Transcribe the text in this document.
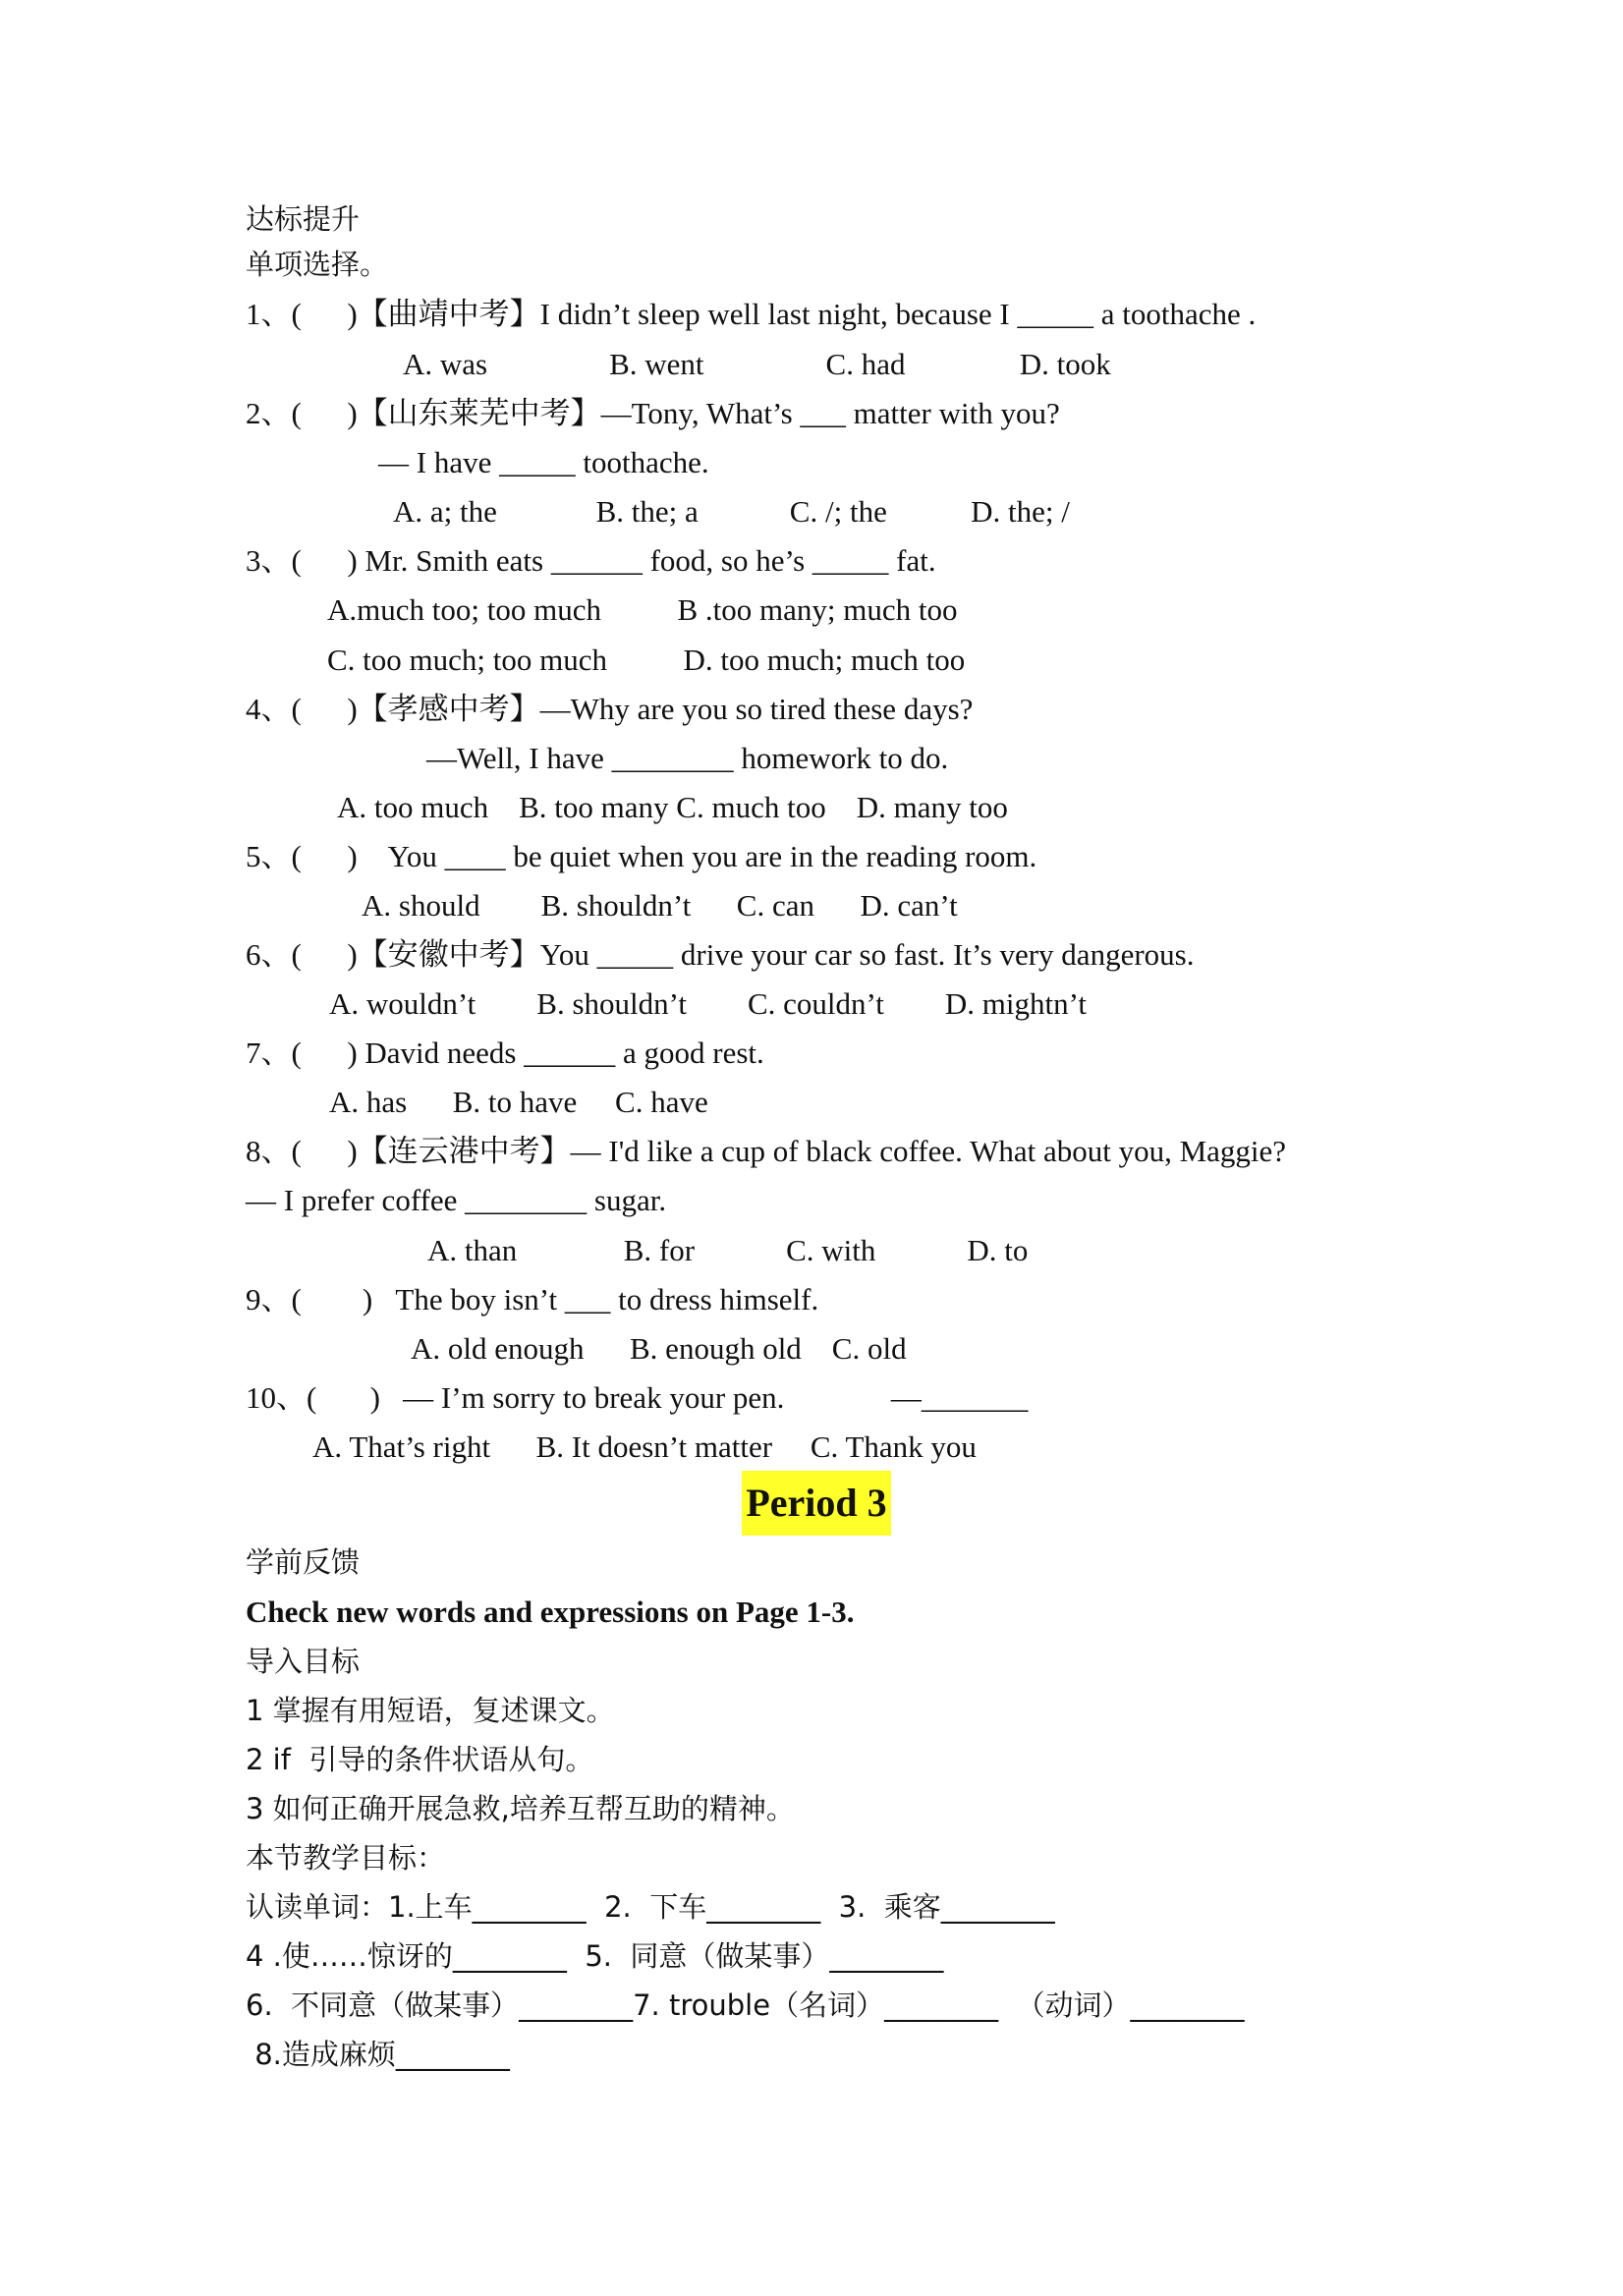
达标提升
单项选择。
1、(      )【曲靖中考】I didn’t sleep well last night, because I _____ a toothache .
A. was                B. went                C. had               D. took
2、(      )【山东莱芜中考】—Tony, What’s ___ matter with you?
— I have _____ toothache.
A. a; the             B. the; a            C. /; the           D. the; /
3、(      ) Mr. Smith eats ______ food, so he’s _____ fat.
A.much too; too much          B .too many; much too
C. too much; too much          D. too much; much too
4、(      )【孝感中考】—Why are you so tired these days?
—Well, I have ________ homework to do.
A. too much    B. too many C. much too    D. many too
5、(      )    You ____ be quiet when you are in the reading room.
A. should        B. shouldn’t      C. can      D. can’t
6、(      )【安徽中考】You _____ drive your car so fast. It’s very dangerous.
A. wouldn’t        B. shouldn’t        C. couldn’t        D. mightn’t
7、(      ) David needs ______ a good rest.
A. has      B. to have     C. have
8、(      )【连云港中考】— I'd like a cup of black coffee. What about you, Maggie?
— I prefer coffee ________ sugar.
A. than              B. for            C. with            D. to
9、(        )   The boy isn’t ___ to dress himself.
A. old enough      B. enough old    C. old
10、(       )   — I’m sorry to break your pen.              —_______
A. That’s right      B. It doesn’t matter     C. Thank you
Period 3
学前反馈
Check new words and expressions on Page 1-3.
导入目标
1 掌握有用短语，复述课文。
2 if  引导的条件状语从句。
3 如何正确开展急救,培养互帮互助的精神。
本节教学目标：
认读单词：1.上车________  2.  下车________  3.  乘客________
4 .使……惊讶的________  5.  同意（做某事）________
6.  不同意（做某事）________7. trouble（名词）________  （动词）________
8.造成麻烦________
